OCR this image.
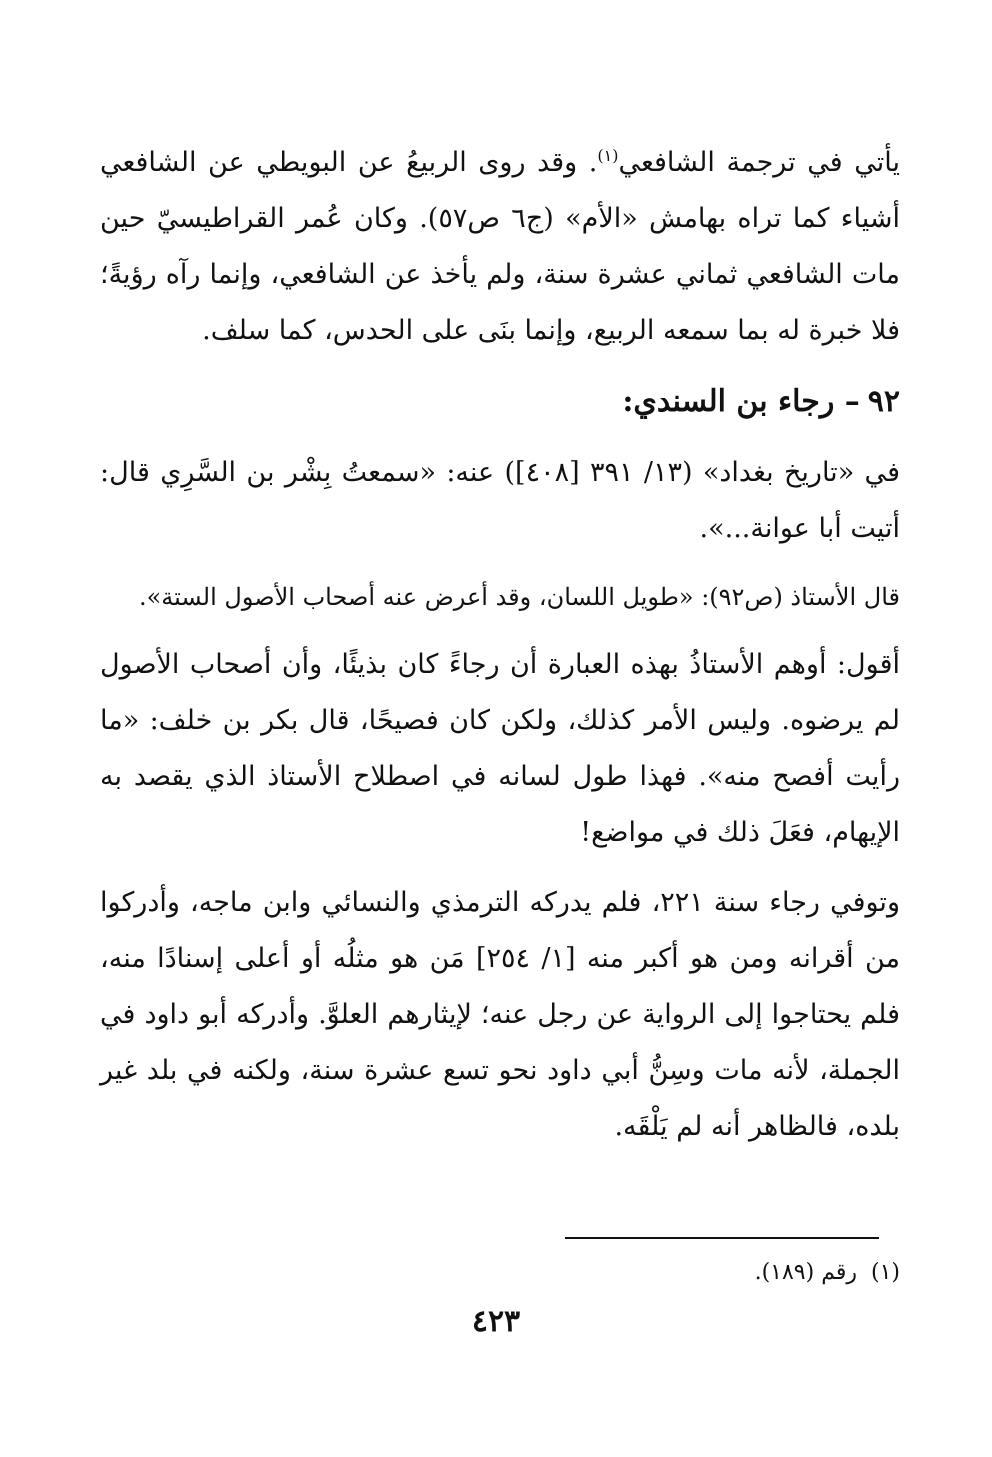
يأتي في ترجمة الشافعي$^{(١)}$. وقد روى الربيعُ عن البويطي عن الشافعي أشياء كما تراه بهامش «الأم» (ج٦ ص٥٧). وكان عُمر القراطيسيّ حين مات الشافعي ثماني عشرة سنة، ولم يأخذ عن الشافعي، وإنما رآه رؤيةً؛ فلا خبرة له بما سمعه الربيع، وإنما بنَى على الحدس، كما سلف.

٩٢– رجاء بن السندي:

في «تاريخ بغداد» (١٣/ ٣٩١ [٤٠٨]) عنه: «سمعتُ بِشْر بن السَّرِي قال: أتيت أبا عوانة...».

قال الأستاذ (ص٩٢): «طويل اللسان، وقد أعرض عنه أصحاب الأصول الستة».

أقول: أوهم الأستاذُ بهذه العبارة أن رجاءً كان بذيئًا، وأن أصحاب الأصول لم يرضوه. وليس الأمر كذلك، ولكن كان فصيحًا، قال بكر بن خلف: «ما رأيت أفصح منه». فهذا طول لسانه في اصطلاح الأستاذ الذي يقصد به الإيهام، فعَلَ ذلك في مواضع!

وتوفي رجاء سنة ٢٢١، فلم يدركه الترمذي والنسائي وابن ماجه، وأدركوا من أقرانه ومن هو أكبر منه [١/ ٢٥٤] مَن هو مثلُه أو أعلى إسنادًا منه، فلم يحتاجوا إلى الرواية عن رجل عنه؛ لإيثارهم العلوَّ. وأدركه أبو داود في الجملة، لأنه مات وسِنُّ أبي داود نحو تسع عشرة سنة، ولكنه في بلد غير بلده، فالظاهر أنه لم يَلْقَه.

(١)  رقم (١٨٩).
٤٢٣
